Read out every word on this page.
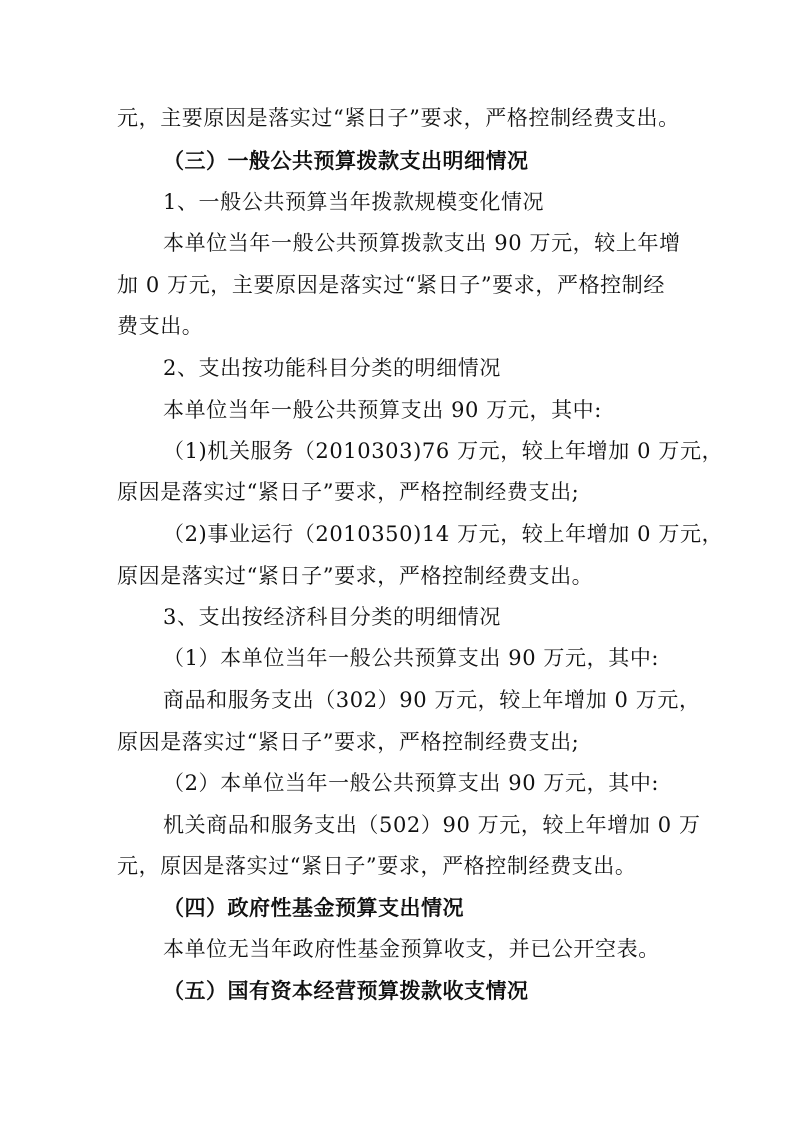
元，主要原因是落实过“紧日子”要求，严格控制经费支出。
（三）一般公共预算拨款支出明细情况
1、一般公共预算当年拨款规模变化情况
本单位当年一般公共预算拨款支出 90 万元，较上年增
加 0 万元，主要原因是落实过“紧日子”要求，严格控制经
费支出。
2、支出按功能科目分类的明细情况
本单位当年一般公共预算支出 90 万元，其中:
（1)机关服务（2010303)76 万元，较上年增加 0 万元，
原因是落实过“紧日子”要求，严格控制经费支出;
（2)事业运行（2010350)14 万元，较上年增加 0 万元，
原因是落实过“紧日子”要求，严格控制经费支出。
3、支出按经济科目分类的明细情况
（1）本单位当年一般公共预算支出 90 万元，其中:
商品和服务支出（302）90 万元，较上年增加 0 万元，
原因是落实过“紧日子”要求，严格控制经费支出;
（2）本单位当年一般公共预算支出 90 万元，其中:
机关商品和服务支出（502）90 万元，较上年增加 0 万
元，原因是落实过“紧日子”要求，严格控制经费支出。
（四）政府性基金预算支出情况
本单位无当年政府性基金预算收支，并已公开空表。
（五）国有资本经营预算拨款收支情况
